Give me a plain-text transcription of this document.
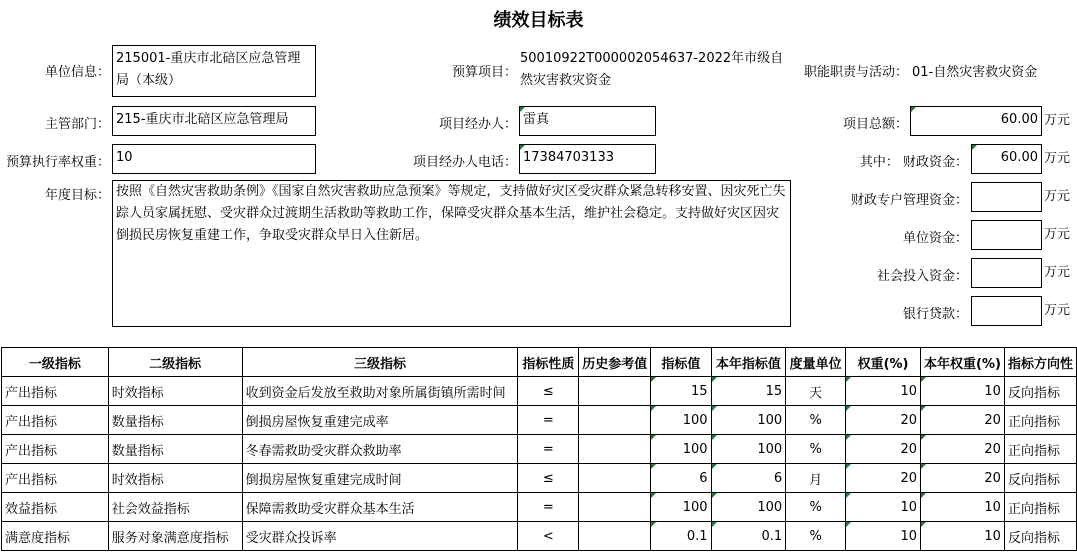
绩效目标表
单位信息：
215001-重庆市北碚区应急管理局（本级）
预算项目：
50010922T000002054637-2022年市级自然灾害救灾资金
职能职责与活动： 01-自然灾害救灾资金
主管部门： 215-重庆市北碚区应急管理局	项目经办人： 雷真	项目总额：	60.00 万元
预算执行率权重： 10	项目经办人电话： 17384703133	其中： 财政资金：	60.00 万元
年度目标： 按照《自然灾害救助条例》《国家自然灾害救助应急预案》等规定，支持做好灾区受灾群众紧急转移安置、因灾死亡失踪人员家属抚慰、受灾群众过渡期生活救助等救助工作，保障受灾群众基本生活，维护社会稳定。支持做好灾区因灾倒损民房恢复重建工作，争取受灾群众早日入住新居。
财政专户管理资金：	万元
单位资金：	万元
社会投入资金：	万元
银行贷款：	万元
一级指标	二级指标	三级指标	指标性质	历史参考值	指标值	本年指标值	度量单位	权重(%)	本年权重(%)	指标方向性
产出指标	时效指标	收到资金后发放至救助对象所属街镇所需时间	≤		15	15	天	10	10	反向指标
产出指标	数量指标	倒损房屋恢复重建完成率	=		100	100	%	20	20	正向指标
产出指标	数量指标	冬春需救助受灾群众救助率	=		100	100	%	20	20	正向指标
产出指标	时效指标	倒损房屋恢复重建完成时间	≤		6	6	月	20	20	反向指标
效益指标	社会效益指标	保障需救助受灾群众基本生活	=		100	100	%	10	10	正向指标
满意度指标	服务对象满意度指标	受灾群众投诉率	<		0.1	0.1	%	10	10	反向指标
